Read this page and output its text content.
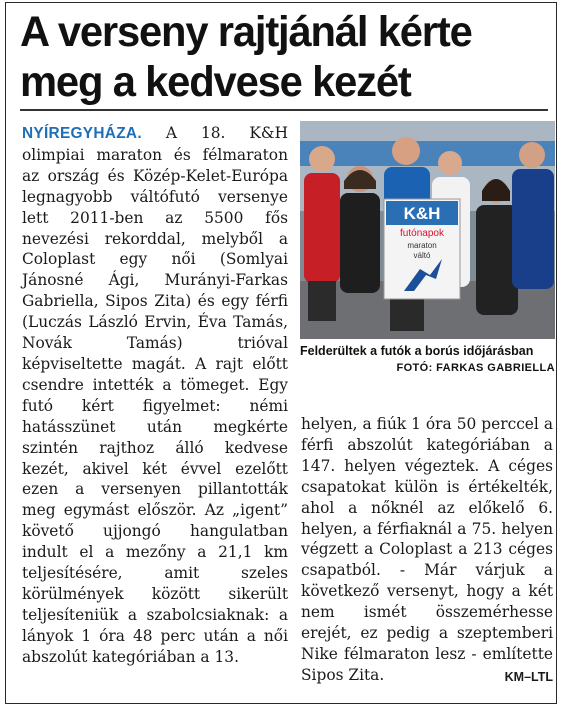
A verseny rajtjánál kérte
meg a kedvese kezét

NYÍREGYHÁZA. A 18. K&H olimpiai maraton és félmaraton az ország és Közép-Kelet-Európa legnagyobb váltófutó versenye lett 2011-ben az 5500 fős nevezési rekorddal, melyből a Coloplast egy női (Somlyai Jánosné Ági, Murányi-Farkas Gabriella, Sipos Zita) és egy férfi (Luczás László Ervin, Éva Tamás, Novák Tamás) trióval képviseltette magát. A rajt előtt csendre intették a tömeget. Egy futó kért figyelmet: némi hatásszünet után megkérte szintén rajthoz álló kedvese kezét, akivel két évvel ezelőtt ezen a versenyen pillantották meg egymást először. Az „igent” követő ujjongó hangulatban indult el a mezőny a 21,1 km teljesítésére, amit szeles körülmények között sikerült teljesíteniük a szabolcsiaknak: a lányok 1 óra 48 perc után a női abszolút kategóriában a 13.

K&H
futónapok
maraton
váltó

Felderültek a futók a borús időjárásban
FOTÓ: FARKAS GABRIELLA

helyen, a fiúk 1 óra 50 perccel a férfi abszolút kategóriában a 147. helyen végeztek. A céges csapatokat külön is értékelték, ahol a nőknél az előkelő 6. helyen, a férfiaknál a 75. helyen végzett a Coloplast a 213 céges csapatból. - Már várjuk a következő versenyt, hogy a két nem ismét összemérhesse erejét, ez pedig a szeptemberi Nike félmaraton lesz - említette Sipos Zita.	KM–LTL
